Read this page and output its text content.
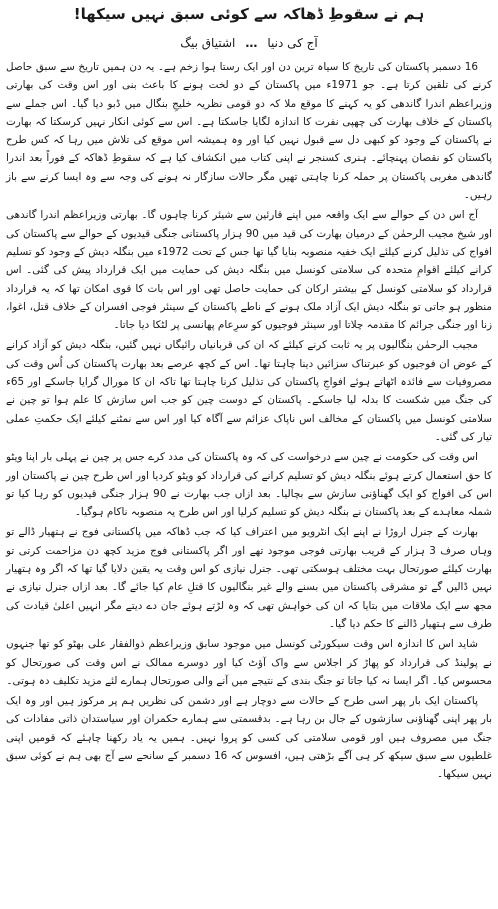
ہم نے سقوطِ ڈھاکہ سے کوئی سبق نہیں سیکھا!
آج کی دنیا…اشتیاق بیگ

16 دسمبر پاکستان کی تاریخ کا سیاہ ترین دن اور ایک رستا ہوا زخم ہے۔ یہ دن ہمیں تاریخ سے سبق حاصل کرنے کی تلقین کرتا ہے۔ جو 1971ء میں پاکستان کے دو لخت ہونے کا باعث بنی اور اس وقت کی بھارتی وزیراعظم اندرا گاندھی کو یہ کہنے کا موقع ملا کہ دو قومی نظریہ خلیجِ بنگال میں ڈبو دیا گیا۔ اس جملے سے پاکستان کے خلاف بھارت کی چھپی نفرت کا اندازہ لگایا جاسکتا ہے۔ اس سے کوئی انکار نہیں کرسکتا کہ بھارت نے پاکستان کے وجود کو کبھی دل سے قبول نہیں کیا اور وہ ہمیشہ اس موقع کی تلاش میں رہا کہ کس طرح پاکستان کو نقصان پہنچائے۔ ہنری کسنجر نے اپنی کتاب میں انکشاف کیا ہے کہ سقوطِ ڈھاکہ کے فوراً بعد اندرا گاندھی مغربی پاکستان پر حملہ کرنا چاہتی تھیں مگر حالات سازگار نہ ہونے کی وجہ سے وہ ایسا کرنے سے باز رہیں۔

آج اس دن کے حوالے سے ایک واقعہ میں اپنے قارئین سے شیئر کرنا چاہوں گا۔ بھارتی وزیراعظم اندرا گاندھی اور شیخ مجیب الرحمٰن کے درمیان بھارت کی قید میں 90 ہزار پاکستانی جنگی قیدیوں کے حوالے سے پاکستان کی افواج کی تذلیل کرنے کیلئے ایک خفیہ منصوبہ بنایا گیا تھا جس کے تحت 1972ء میں بنگلہ دیش کے وجود کو تسلیم کرانے کیلئے اقوامِ متحدہ کی سلامتی کونسل میں بنگلہ دیش کی حمایت میں ایک قرارداد پیش کی گئی۔ اس قرارداد کو سلامتی کونسل کے بیشتر ارکان کی حمایت حاصل تھی اور اس بات کا قوی امکان تھا کہ یہ قرارداد منظور ہو جاتی تو بنگلہ دیش ایک آزاد ملک ہونے کے ناطے پاکستان کے سینئر فوجی افسران کے خلاف قتل، اغوا، زنا اور جنگی جرائم کا مقدمہ چلاتا اور سینئر فوجیوں کو سرِعام پھانسی پر لٹکا دیا جاتا۔

مجیب الرحمٰن بنگالیوں پر یہ ثابت کرنے کیلئے کہ ان کی قربانیاں رائیگاں نہیں گئیں، بنگلہ دیش کو آزاد کرانے کے عوض ان فوجیوں کو عبرتناک سزائیں دینا چاہتا تھا۔ اس کے کچھ عرصے بعد بھارت پاکستان کی اُس وقت کی مصروفیات سے فائدہ اٹھاتے ہوئے افواجِ پاکستان کی تذلیل کرنا چاہتا تھا تاکہ ان کا مورال گرایا جاسکے اور 65ء کی جنگ میں شکست کا بدلہ لیا جاسکے۔ پاکستان کے دوست چین کو جب اس سازش کا علم ہوا تو چین نے سلامتی کونسل میں پاکستان کے مخالف اس ناپاک عزائم سے آگاہ کیا اور اس سے نمٹنے کیلئے ایک حکمتِ عملی تیار کی گئی۔

اس وقت کی حکومت نے چین سے درخواست کی کہ وہ پاکستان کی مدد کرے جس پر چین نے پہلی بار اپنا ویٹو کا حق استعمال کرتے ہوئے بنگلہ دیش کو تسلیم کرانے کی قرارداد کو ویٹو کردیا اور اس طرح چین نے پاکستان اور اس کی افواج کو ایک گھناؤنی سازش سے بچالیا۔ بعد ازاں جب بھارت نے 90 ہزار جنگی قیدیوں کو رہا کیا تو شملہ معاہدے کے بعد پاکستان نے بنگلہ دیش کو تسلیم کرلیا اور اس طرح یہ منصوبہ ناکام ہوگیا۔

بھارت کے جنرل اروڑا نے اپنے ایک انٹرویو میں اعتراف کیا کہ جب ڈھاکہ میں پاکستانی فوج نے ہتھیار ڈالے تو وہاں صرف 3 ہزار کے قریب بھارتی فوجی موجود تھے اور اگر پاکستانی فوج مزید کچھ دن مزاحمت کرتی تو بھارت کیلئے صورتحال بہت مختلف ہوسکتی تھی۔ جنرل نیازی کو اس وقت یہ یقین دلایا گیا تھا کہ اگر وہ ہتھیار نہیں ڈالیں گے تو مشرقی پاکستان میں بسنے والے غیر بنگالیوں کا قتلِ عام کیا جائے گا۔ بعد ازاں جنرل نیازی نے مجھ سے ایک ملاقات میں بتایا کہ ان کی خواہش تھی کہ وہ لڑتے ہوئے جان دے دیتے مگر انہیں اعلیٰ قیادت کی طرف سے ہتھیار ڈالنے کا حکم دیا گیا۔

شاید اس کا اندازہ اس وقت سیکورٹی کونسل میں موجود سابق وزیراعظم ذوالفقار علی بھٹو کو تھا جنہوں نے پولینڈ کی قرارداد کو پھاڑ کر اجلاس سے واک آؤٹ کیا اور دوسرے ممالک نے اس وقت کی صورتحال کو محسوس کیا۔ اگر ایسا نہ کیا جاتا تو جنگ بندی کے نتیجے میں آنے والی صورتحال ہمارے لئے مزید تکلیف دہ ہوتی۔

پاکستان ایک بار پھر اسی طرح کے حالات سے دوچار ہے اور دشمن کی نظریں ہم پر مرکوز ہیں اور وہ ایک بار پھر اپنی گھناؤنی سازشوں کے جال بن رہا ہے۔ بدقسمتی سے ہمارے حکمران اور سیاستدان ذاتی مفادات کی جنگ میں مصروف ہیں اور قومی سلامتی کی کسی کو پروا نہیں۔ ہمیں یہ یاد رکھنا چاہئے کہ قومیں اپنی غلطیوں سے سبق سیکھ کر ہی آگے بڑھتی ہیں، افسوس کہ 16 دسمبر کے سانحے سے آج بھی ہم نے کوئی سبق نہیں سیکھا۔
